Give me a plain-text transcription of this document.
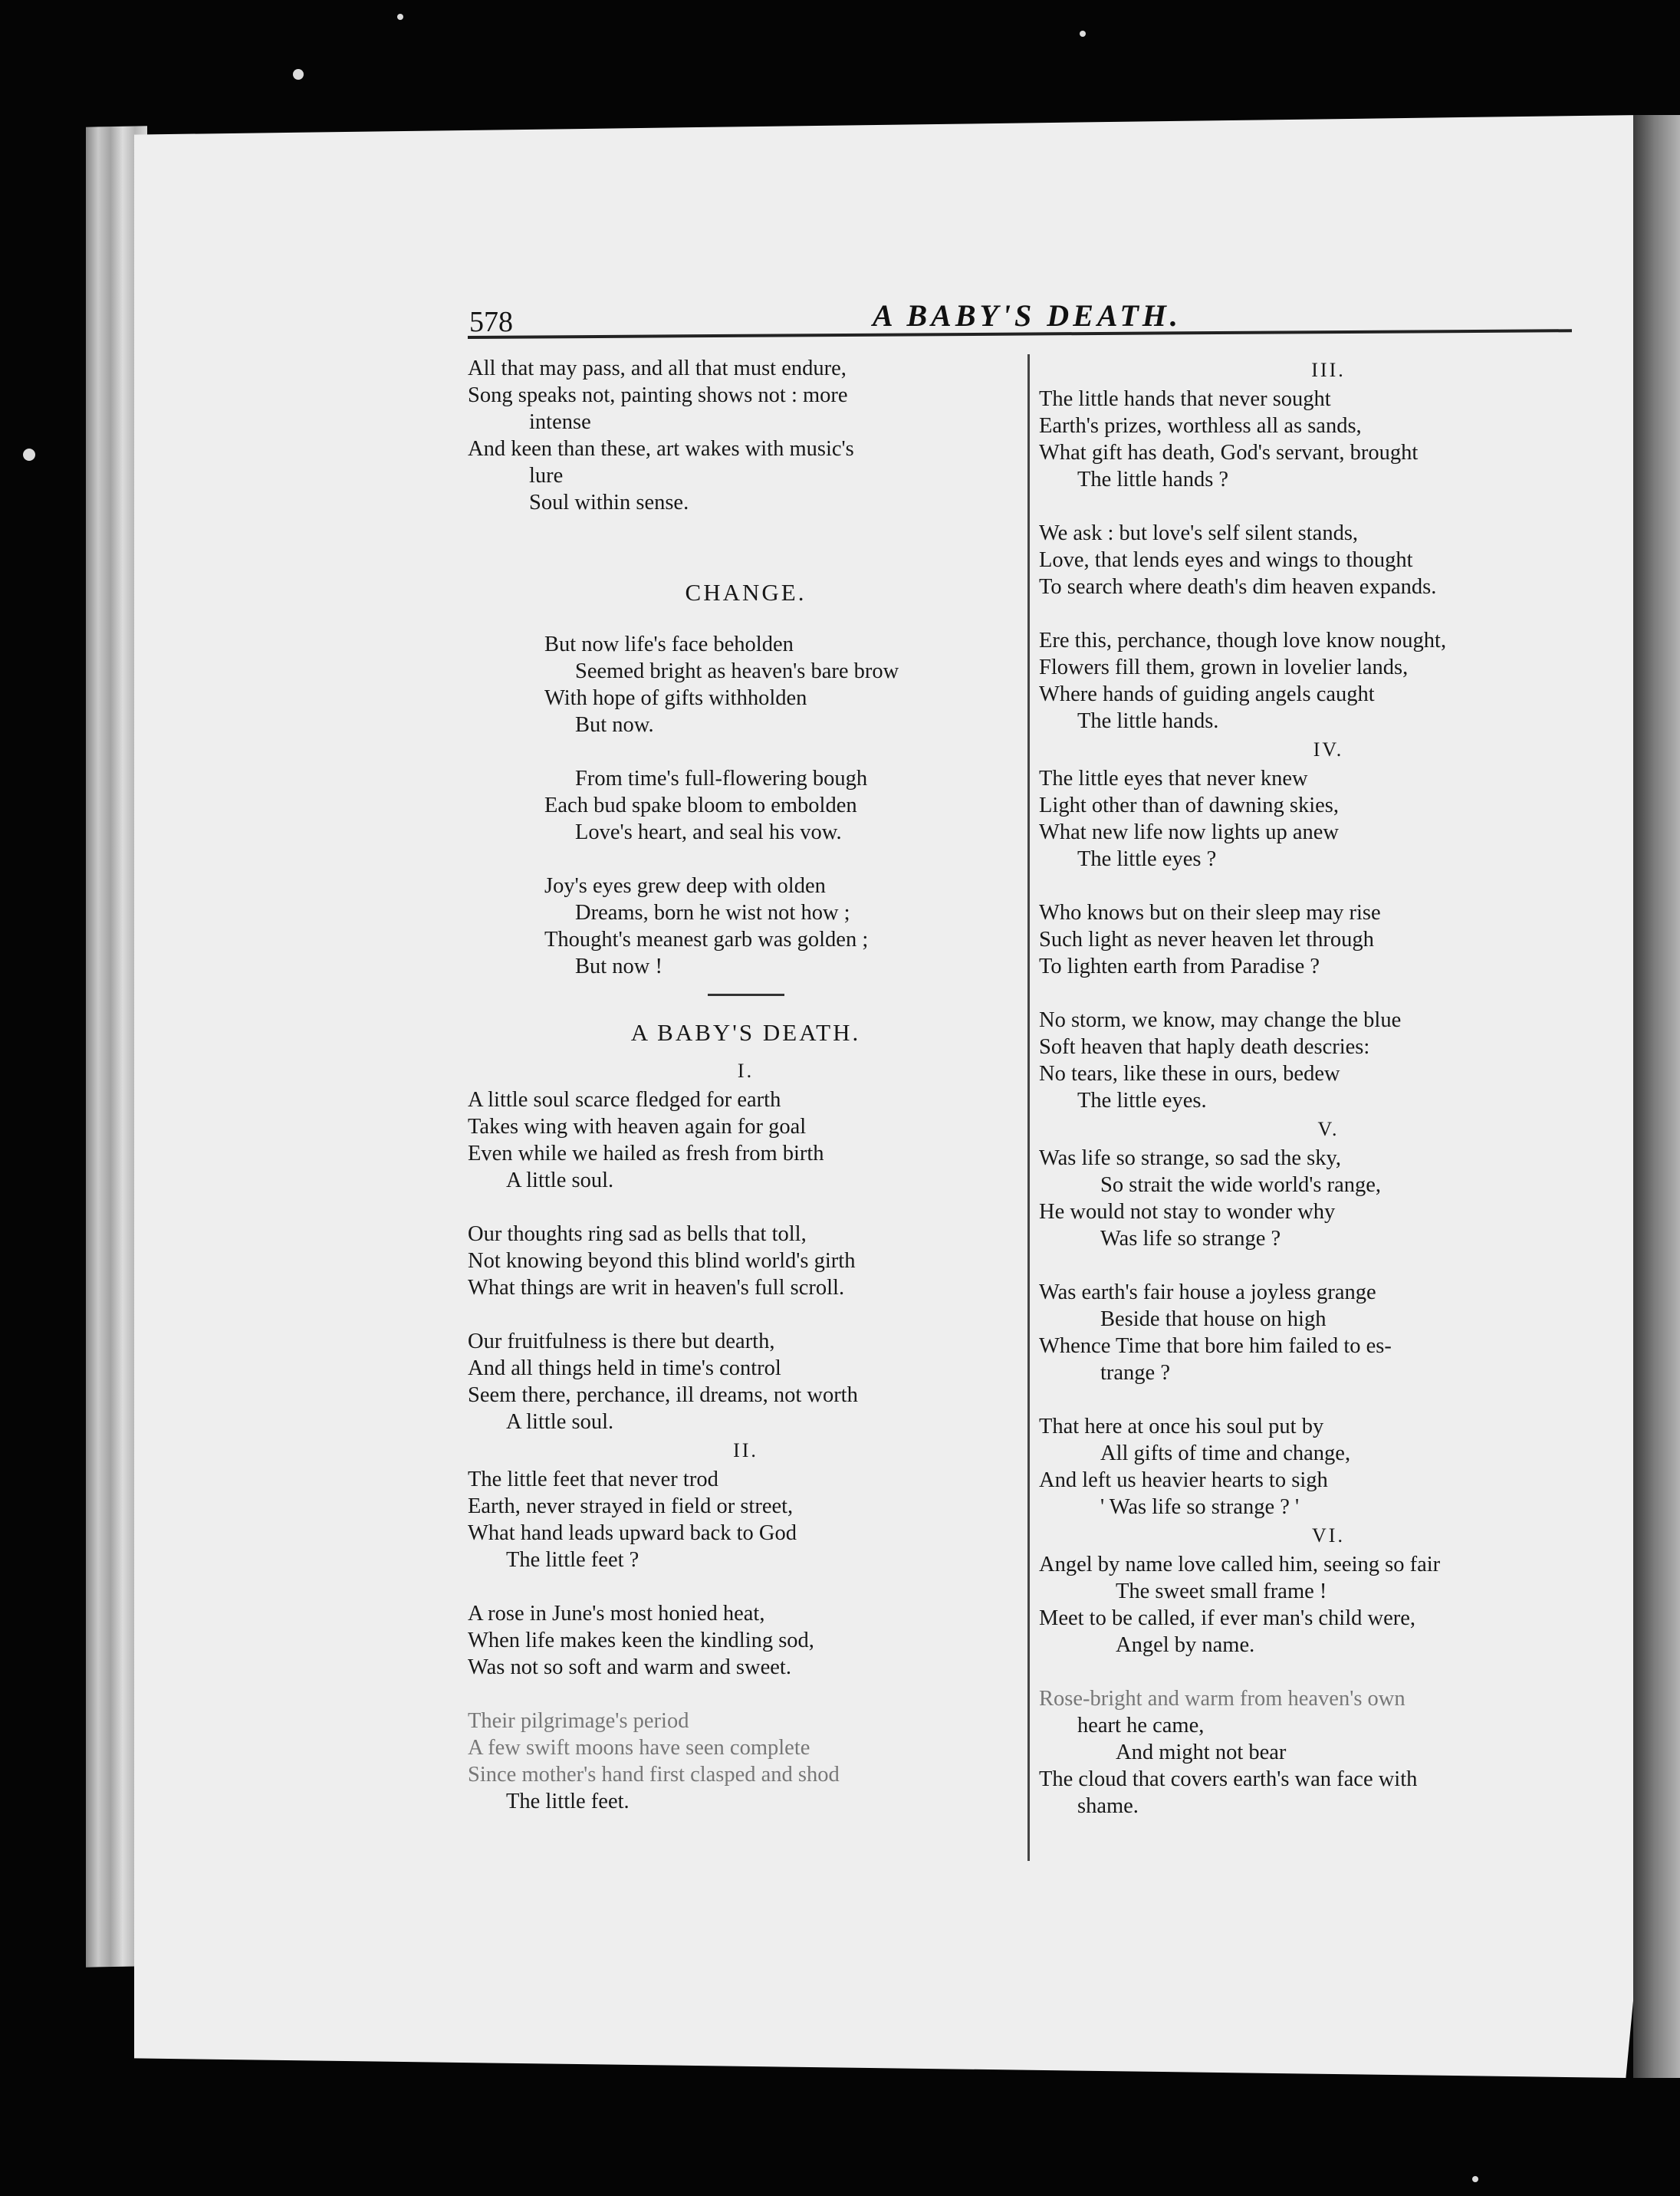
578	A BABY'S DEATH.
All that may pass, and all that must endure,
Song speaks not, painting shows not : more
intense
And keen than these, art wakes with music's
lure
Soul within sense.
CHANGE.
But now life's face beholden
Seemed bright as heaven's bare brow
With hope of gifts withholden
But now.
From time's full-flowering bough
Each bud spake bloom to embolden
Love's heart, and seal his vow.
Joy's eyes grew deep with olden
Dreams, born he wist not how ;
Thought's meanest garb was golden ;
But now !
A BABY'S DEATH.
I.
A little soul scarce fledged for earth
Takes wing with heaven again for goal
Even while we hailed as fresh from birth
A little soul.
Our thoughts ring sad as bells that toll,
Not knowing beyond this blind world's girth
What things are writ in heaven's full scroll.
Our fruitfulness is there but dearth,
And all things held in time's control
Seem there, perchance, ill dreams, not worth
A little soul.
II.
The little feet that never trod
Earth, never strayed in field or street,
What hand leads upward back to God
The little feet ?
A rose in June's most honied heat,
When life makes keen the kindling sod,
Was not so soft and warm and sweet.
Their pilgrimage's period
A few swift moons have seen complete
Since mother's hand first clasped and shod
The little feet.
III.
The little hands that never sought
Earth's prizes, worthless all as sands,
What gift has death, God's servant, brought
The little hands ?
We ask : but love's self silent stands,
Love, that lends eyes and wings to thought
To search where death's dim heaven expands.
Ere this, perchance, though love know nought,
Flowers fill them, grown in lovelier lands,
Where hands of guiding angels caught
The little hands.
IV.
The little eyes that never knew
Light other than of dawning skies,
What new life now lights up anew
The little eyes ?
Who knows but on their sleep may rise
Such light as never heaven let through
To lighten earth from Paradise ?
No storm, we know, may change the blue
Soft heaven that haply death descries:
No tears, like these in ours, bedew
The little eyes.
V.
Was life so strange, so sad the sky,
So strait the wide world's range,
He would not stay to wonder why
Was life so strange ?
Was earth's fair house a joyless grange
Beside that house on high
Whence Time that bore him failed to es-
trange ?
That here at once his soul put by
All gifts of time and change,
And left us heavier hearts to sigh
' Was life so strange ? '
VI.
Angel by name love called him, seeing so fair
The sweet small frame !
Meet to be called, if ever man's child were,
Angel by name.
Rose-bright and warm from heaven's own
heart he came,
And might not bear
The cloud that covers earth's wan face with
shame.
